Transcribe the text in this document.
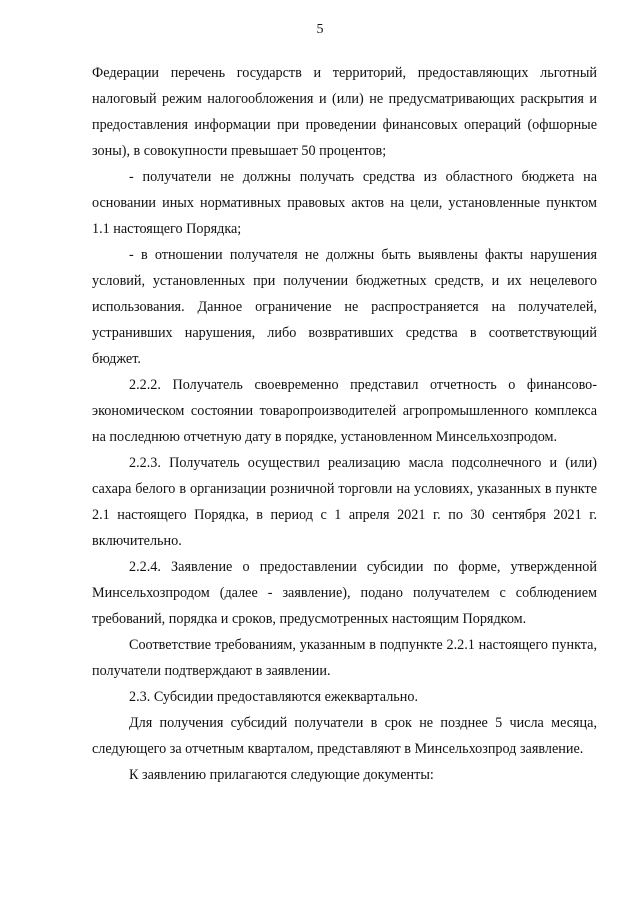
5

Федерации перечень государств и территорий, предоставляющих льготный налоговый режим налогообложения и (или) не предусматривающих раскрытия и предоставления информации при проведении финансовых операций (офшорные зоны), в совокупности превышает 50 процентов;

- получатели не должны получать средства из областного бюджета на основании иных нормативных правовых актов на цели, установленные пунктом 1.1 настоящего Порядка;

- в отношении получателя не должны быть выявлены факты нарушения условий, установленных при получении бюджетных средств, и их нецелевого использования. Данное ограничение не распространяется на получателей, устранивших нарушения, либо возвративших средства в соответствующий бюджет.

2.2.2. Получатель своевременно представил отчетность о финансово-экономическом состоянии товаропроизводителей агропромышленного комплекса на последнюю отчетную дату в порядке, установленном Минсельхозпродом.

2.2.3. Получатель осуществил реализацию масла подсолнечного и (или) сахара белого в организации розничной торговли на условиях, указанных в пункте 2.1 настоящего Порядка, в период с 1 апреля 2021 г. по 30 сентября 2021 г. включительно.

2.2.4. Заявление о предоставлении субсидии по форме, утвержденной Минсельхозпродом (далее - заявление), подано получателем с соблюдением требований, порядка и сроков, предусмотренных настоящим Порядком.

Соответствие требованиям, указанным в подпункте 2.2.1 настоящего пункта, получатели подтверждают в заявлении.

2.3. Субсидии предоставляются ежеквартально.

Для получения субсидий получатели в срок не позднее 5 числа месяца, следующего за отчетным кварталом, представляют в Минсельхозпрод заявление.

К заявлению прилагаются следующие документы:
